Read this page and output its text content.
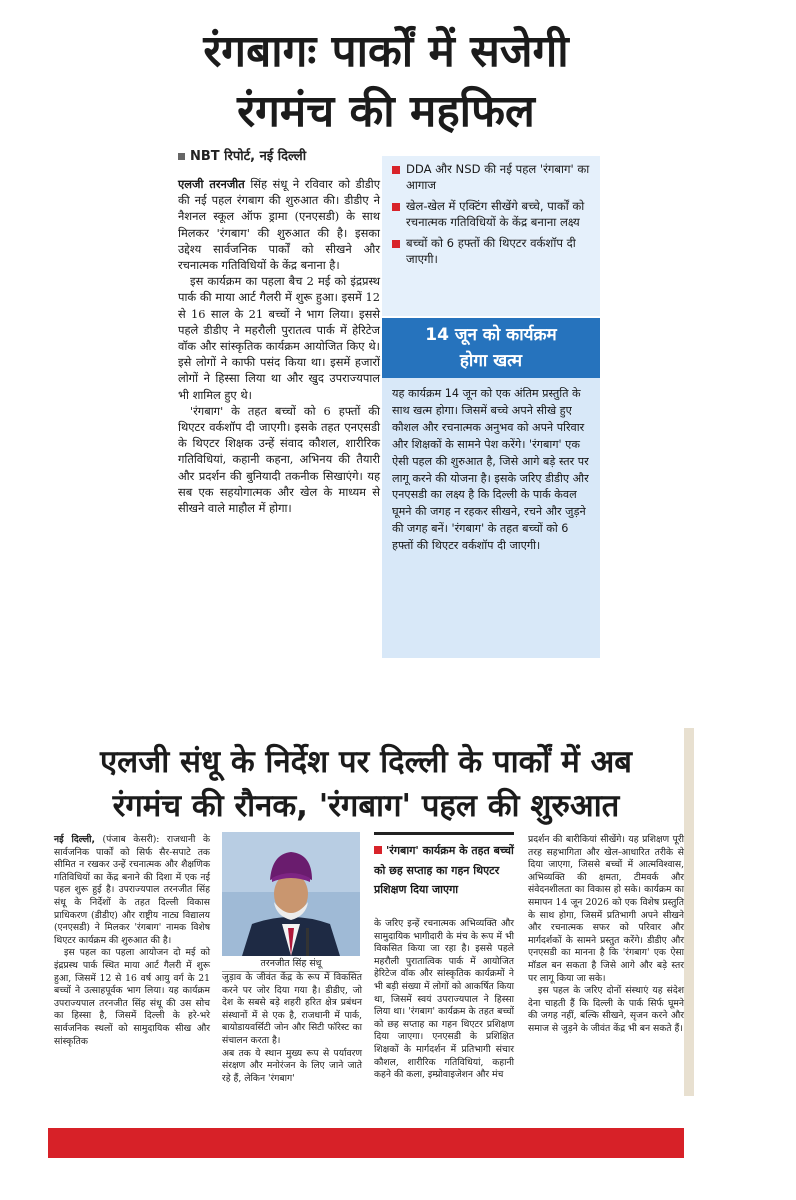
रंगबागः पार्कों में सजेगी
रंगमंच की महफिल
NBT रिपोर्ट, नई दिल्ली

एलजी तरनजीत सिंह संधू ने रविवार को डीडीए की नई पहल रंगबाग की शुरुआत की। डीडीए ने नैशनल स्कूल ऑफ ड्रामा (एनएसडी) के साथ मिलकर 'रंगबाग' की शुरुआत की है। इसका उद्देश्य सार्वजनिक पार्कों को सीखने और रचनात्मक गतिविधियों के केंद्र बनाना है।

इस कार्यक्रम का पहला बैच 2 मई को इंद्रप्रस्थ पार्क की माया आर्ट गैलरी में शुरू हुआ। इसमें 12 से 16 साल के 21 बच्चों ने भाग लिया। इससे पहले डीडीए ने महरौली पुरातत्व पार्क में हेरिटेज वॉक और सांस्कृतिक कार्यक्रम आयोजित किए थे। इसे लोगों ने काफी पसंद किया था। इसमें हजारों लोगों ने हिस्सा लिया था और खुद उपराज्यपाल भी शामिल हुए थे।

'रंगबाग' के तहत बच्चों को 6 हफ्तों की थिएटर वर्कशॉप दी जाएगी। इसके तहत एनएसडी के थिएटर शिक्षक उन्हें संवाद कौशल, शारीरिक गतिविधियां, कहानी कहना, अभिनय की तैयारी और प्रदर्शन की बुनियादी तकनीक सिखाएंगे। यह सब एक सहयोगात्मक और खेल के माध्यम से सीखने वाले माहौल में होगा।

DDA और NSD की नई पहल 'रंगबाग' का आगाज
खेल-खेल में एक्टिंग सीखेंगे बच्चे, पार्कों को रचनात्मक गतिविधियों के केंद्र बनाना लक्ष्य
बच्चों को 6 हफ्तों की थिएटर वर्कशॉप दी जाएगी।
14 जून को कार्यक्रम
होगा खत्म
यह कार्यक्रम 14 जून को एक अंतिम प्रस्तुति के साथ खत्म होगा। जिसमें बच्चे अपने सीखे हुए कौशल और रचनात्मक अनुभव को अपने परिवार और शिक्षकों के सामने पेश करेंगे। 'रंगबाग' एक ऐसी पहल की शुरुआत है, जिसे आगे बड़े स्तर पर लागू करने की योजना है। इसके जरिए डीडीए और एनएसडी का लक्ष्य है कि दिल्ली के पार्क केवल घूमने की जगह न रहकर सीखने, रचने और जुड़ने की जगह बनें। 'रंगबाग' के तहत बच्चों को 6 हफ्तों की थिएटर वर्कशॉप दी जाएगी।
एलजी संधू के निर्देश पर दिल्ली के पार्कों में अब
रंगमंच की रौनक, 'रंगबाग' पहल की शुरुआत

नई दिल्ली, (पंजाब केसरी): राजधानी के सार्वजनिक पार्कों को सिर्फ सैर-सपाटे तक सीमित न रखकर उन्हें रचनात्मक और शैक्षणिक गतिविधियों का केंद्र बनाने की दिशा में एक नई पहल शुरू हुई है। उपराज्यपाल तरनजीत सिंह संधू के निर्देशों के तहत दिल्ली विकास प्राधिकरण (डीडीए) और राष्ट्रीय नाट्य विद्यालय (एनएसडी) ने मिलकर 'रंगबाग' नामक विशेष थिएटर कार्यक्रम की शुरुआत की है।

इस पहल का पहला आयोजन दो मई को इंद्रप्रस्थ पार्क स्थित माया आर्ट गैलरी में शुरू हुआ, जिसमें 12 से 16 वर्ष आयु वर्ग के 21 बच्चों ने उत्साहपूर्वक भाग लिया। यह कार्यक्रम उपराज्यपाल तरनजीत सिंह संधू की उस सोच का हिस्सा है, जिसमें दिल्ली के हरे-भरे सार्वजनिक स्थलों को सामुदायिक सीख और सांस्कृतिक

तरनजीत सिंह संधू

जुड़ाव के जीवंत केंद्र के रूप में विकसित करने पर जोर दिया गया है। डीडीए, जो देश के सबसे बड़े शहरी हरित क्षेत्र प्रबंधन संस्थानों में से एक है, राजधानी में पार्क, बायोडायवर्सिटी जोन और सिटी फॉरेस्ट का संचालन करता है।

अब तक ये स्थान मुख्य रूप से पर्यावरण संरक्षण और मनोरंजन के लिए जाने जाते रहे हैं, लेकिन 'रंगबाग'

'रंगबाग' कार्यक्रम के तहत बच्चों को छह सप्ताह का गहन थिएटर प्रशिक्षण दिया जाएगा

के जरिए इन्हें रचनात्मक अभिव्यक्ति और सामुदायिक भागीदारी के मंच के रूप में भी विकसित किया जा रहा है। इससे पहले महरौली पुरातात्विक पार्क में आयोजित हेरिटेज वॉक और सांस्कृतिक कार्यक्रमों ने भी बड़ी संख्या में लोगों को आकर्षित किया था, जिसमें स्वयं उपराज्यपाल ने हिस्सा लिया था। 'रंगबाग' कार्यक्रम के तहत बच्चों को छह सप्ताह का गहन थिएटर प्रशिक्षण दिया जाएगा। एनएसडी के प्रशिक्षित शिक्षकों के मार्गदर्शन में प्रतिभागी संचार कौशल, शारीरिक गतिविधियां, कहानी कहने की कला, इम्प्रोवाइजेशन और मंच

प्रदर्शन की बारीकियां सीखेंगे। यह प्रशिक्षण पूरी तरह सहभागिता और खेल-आधारित तरीके से दिया जाएगा, जिससे बच्चों में आत्मविश्वास, अभिव्यक्ति की क्षमता, टीमवर्क और संवेदनशीलता का विकास हो सके। कार्यक्रम का समापन 14 जून 2026 को एक विशेष प्रस्तुति के साथ होगा, जिसमें प्रतिभागी अपने सीखने और रचनात्मक सफर को परिवार और मार्गदर्शकों के सामने प्रस्तुत करेंगे। डीडीए और एनएसडी का मानना है कि 'रंगबाग' एक ऐसा मॉडल बन सकता है जिसे आगे और बड़े स्तर पर लागू किया जा सके।

इस पहल के जरिए दोनों संस्थाएं यह संदेश देना चाहती हैं कि दिल्ली के पार्क सिर्फ घूमने की जगह नहीं, बल्कि सीखने, सृजन करने और समाज से जुड़ने के जीवंत केंद्र भी बन सकते हैं।
